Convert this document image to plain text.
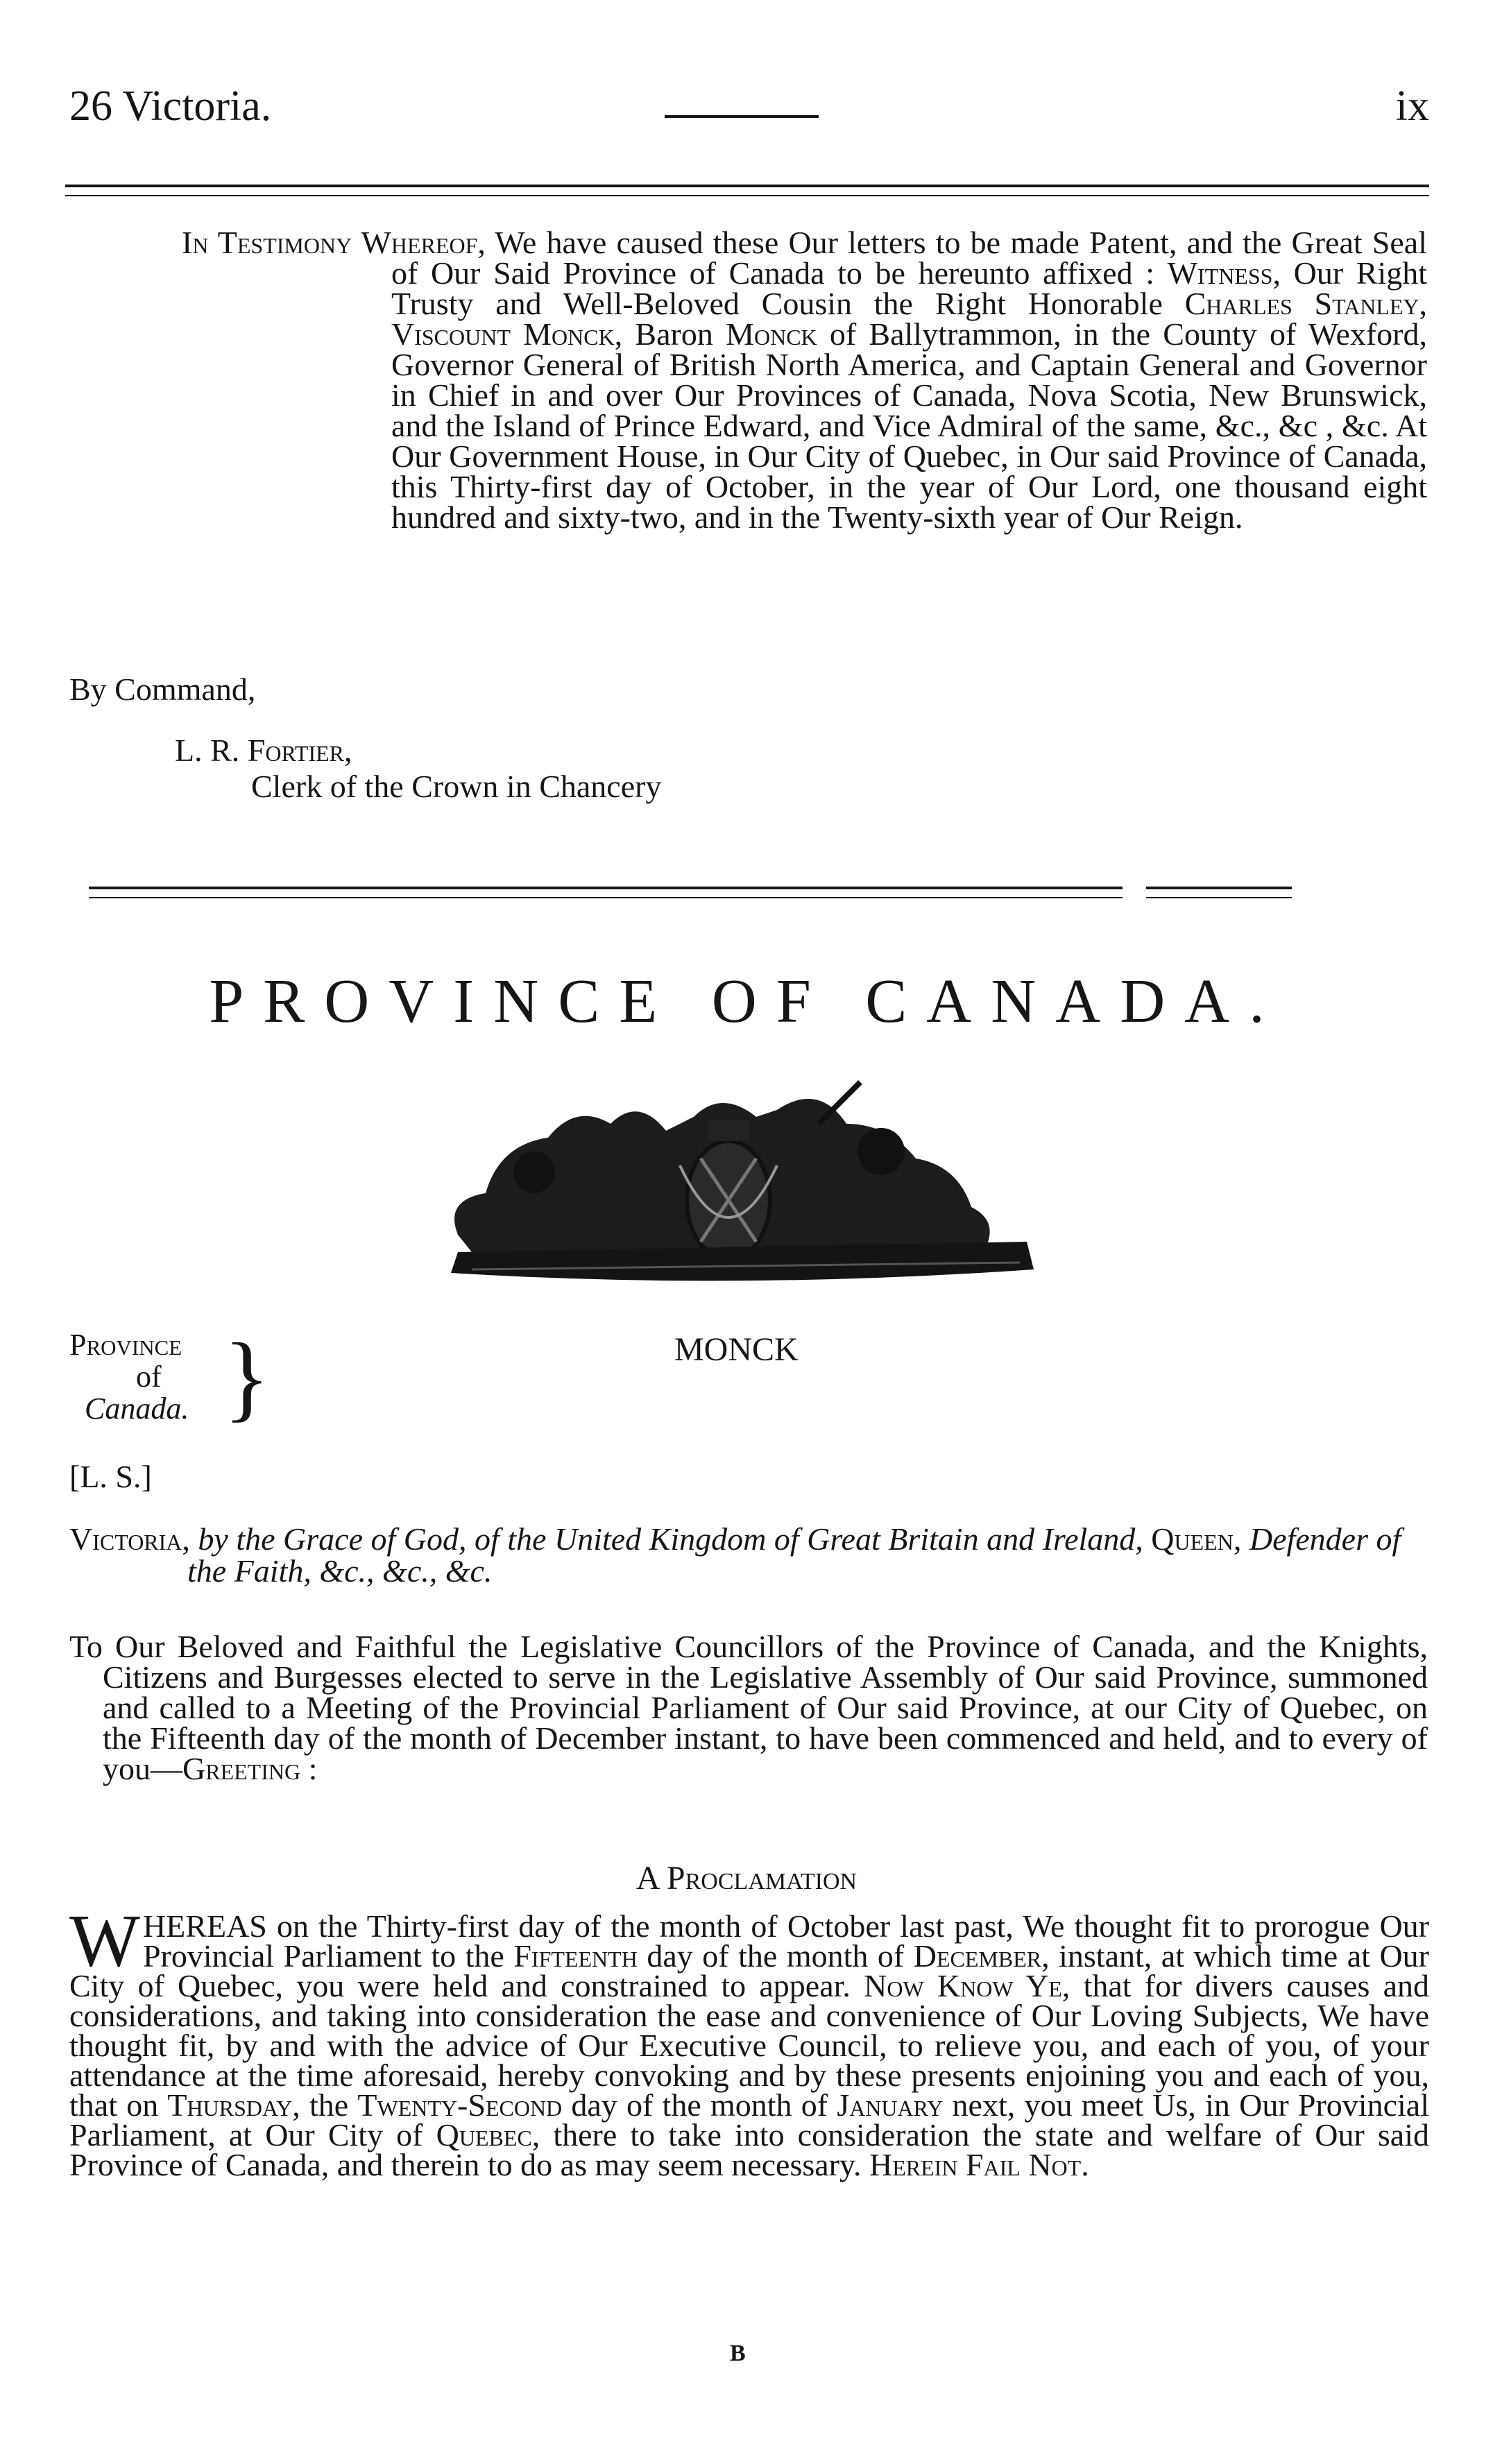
26 Victoria.	ix

In Testimony Whereof, We have caused these Our letters to be made Patent, and the Great Seal of Our Said Province of Canada to be hereunto affixed : Witness, Our Right Trusty and Well-Beloved Cousin the Right Honorable Charles Stanley, Viscount Monck, Baron Monck of Ballytrammon, in the County of Wexford, Governor General of British North America, and Captain General and Governor in Chief in and over Our Provinces of Canada, Nova Scotia, New Brunswick, and the Island of Prince Edward, and Vice Admiral of the same, &c., &c , &c. At Our Government House, in Our City of Quebec, in Our said Province of Canada, this Thirty-first day of October, in the year of Our Lord, one thousand eight hundred and sixty-two, and in the Twenty-sixth year of Our Reign.

By Command,
L. R. Fortier,
Clerk of the Crown in Chancery
PROVINCE OF CANADA.
MONCK
Province
of
Canada. }
[L. S.]

Victoria, by the Grace of God, of the United Kingdom of Great Britain and Ireland, Queen, Defender of the Faith, &c., &c., &c.

To Our Beloved and Faithful the Legislative Councillors of the Province of Canada, and the Knights, Citizens and Burgesses elected to serve in the Legislative Assembly of Our said Province, summoned and called to a Meeting of the Provincial Parliament of Our said Province, at our City of Quebec, on the Fifteenth day of the month of December instant, to have been commenced and held, and to every of you—Greeting :

A Proclamation
WHEREAS on the Thirty-first day of the month of October last past, We thought fit to prorogue Our Provincial Parliament to the Fifteenth day of the month of December, instant, at which time at Our City of Quebec, you were held and constrained to appear. Now Know Ye, that for divers causes and considerations, and taking into consideration the ease and convenience of Our Loving Subjects, We have thought fit, by and with the advice of Our Executive Council, to relieve you, and each of you, of your attendance at the time aforesaid, hereby convoking and by these presents enjoining you and each of you, that on Thursday, the Twenty-Second day of the month of January next, you meet Us, in Our Provincial Parliament, at Our City of Quebec, there to take into consideration the state and welfare of Our said Province of Canada, and therein to do as may seem necessary. Herein Fail Not.
B
